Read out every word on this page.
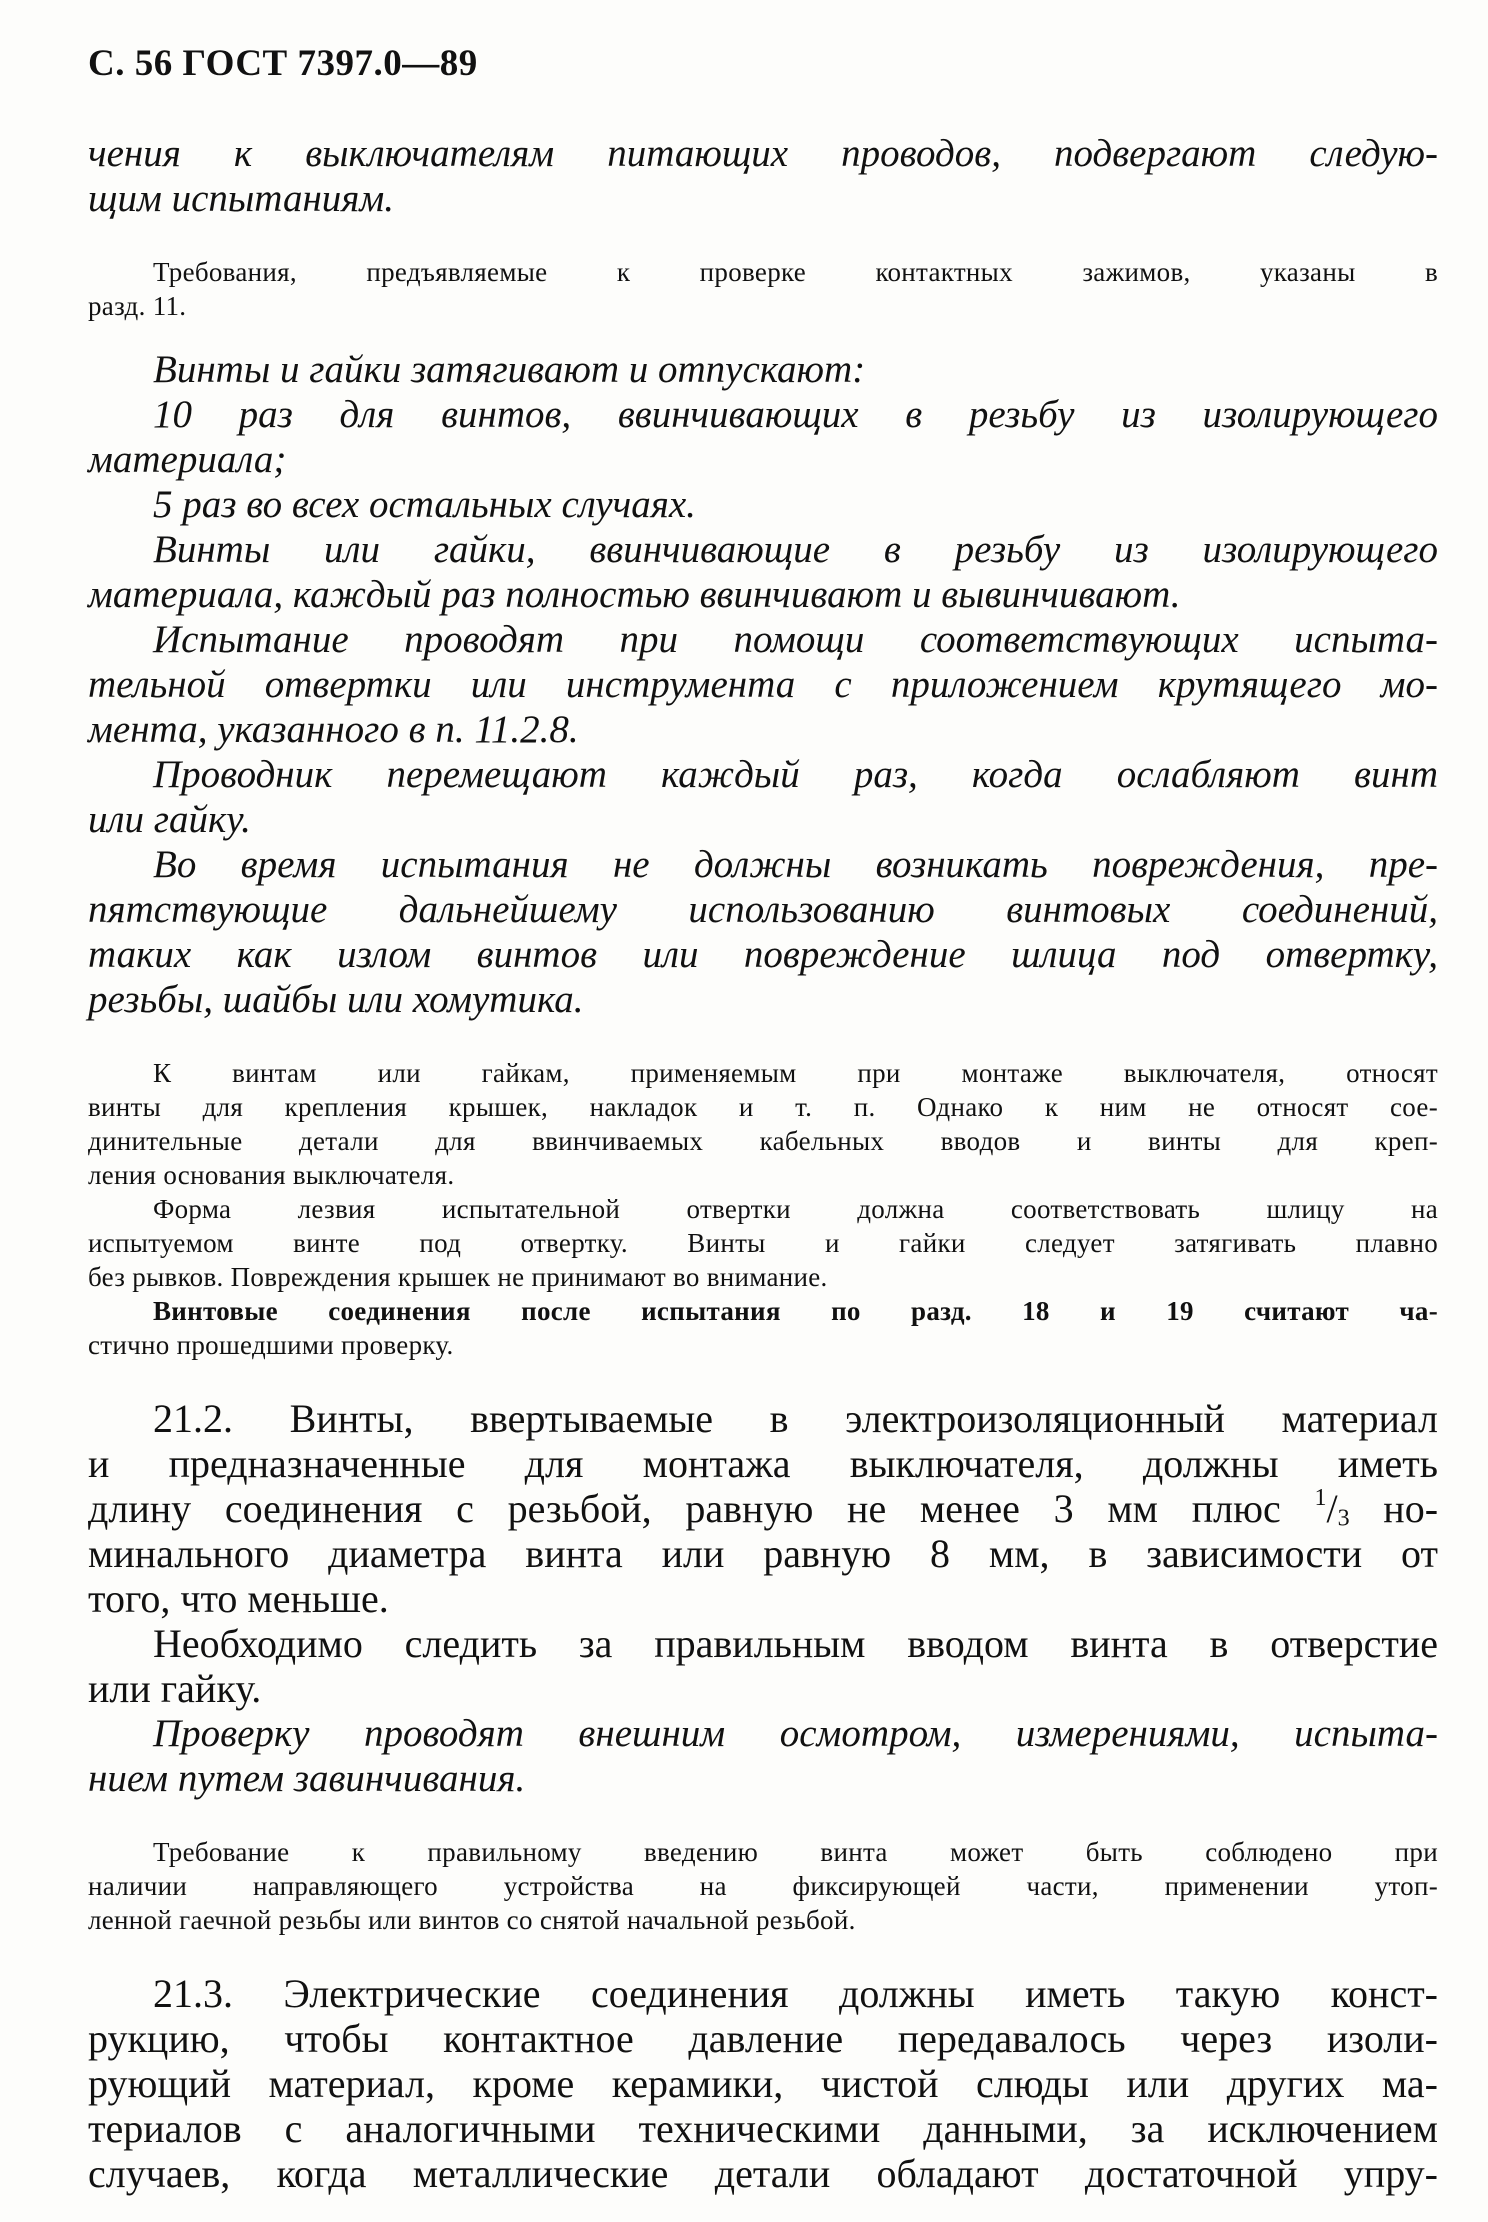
С. 56 ГОСТ 7397.0—89
чения к выключателям питающих проводов, подвергают следую-
щим испытаниям.
Требования, предъявляемые к проверке контактных зажимов, указаны в
разд. 11.
Винты и гайки затягивают и отпускают:
10 раз для винтов, ввинчивающих в резьбу из изолирующего
материала;
5 раз во всех остальных случаях.
Винты или гайки, ввинчивающие в резьбу из изолирующего
материала, каждый раз полностью ввинчивают и вывинчивают.
Испытание проводят при помощи соответствующих испыта-
тельной отвертки или инструмента с приложением крутящего мо-
мента, указанного в п. 11.2.8.
Проводник перемещают каждый раз, когда ослабляют винт
или гайку.
Во время испытания не должны возникать повреждения, пре-
пятствующие дальнейшему использованию винтовых соединений,
таких как излом винтов или повреждение шлица под отвертку,
резьбы, шайбы или хомутика.
К винтам или гайкам, применяемым при монтаже выключателя, относят
винты для крепления крышек, накладок и т. п. Однако к ним не относят сое-
динительные детали для ввинчиваемых кабельных вводов и винты для креп-
ления основания выключателя.
Форма лезвия испытательной отвертки должна соответствовать шлицу на
испытуемом винте под отвертку. Винты и гайки следует затягивать плавно
без рывков. Повреждения крышек не принимают во внимание.
Винтовые соединения после испытания по разд. 18 и 19 считают ча-
стично прошедшими проверку.
21.2. Винты, ввертываемые в электроизоляционный материал
и предназначенные для монтажа выключателя, должны иметь
длину соединения с резьбой, равную не менее 3 мм плюс $^1/_3$ но-
минального диаметра винта или равную 8 мм, в зависимости от
того, что меньше.
Необходимо следить за правильным вводом винта в отверстие
или гайку.
Проверку проводят внешним осмотром, измерениями, испыта-
нием путем завинчивания.
Требование к правильному введению винта может быть соблюдено при
наличии направляющего устройства на фиксирующей части, применении утоп-
ленной гаечной резьбы или винтов со снятой начальной резьбой.
21.3. Электрические соединения должны иметь такую конст-
рукцию, чтобы контактное давление передавалось через изоли-
рующий материал, кроме керамики, чистой слюды или других ма-
териалов с аналогичными техническими данными, за исключением
случаев, когда металлические детали обладают достаточной упру-
